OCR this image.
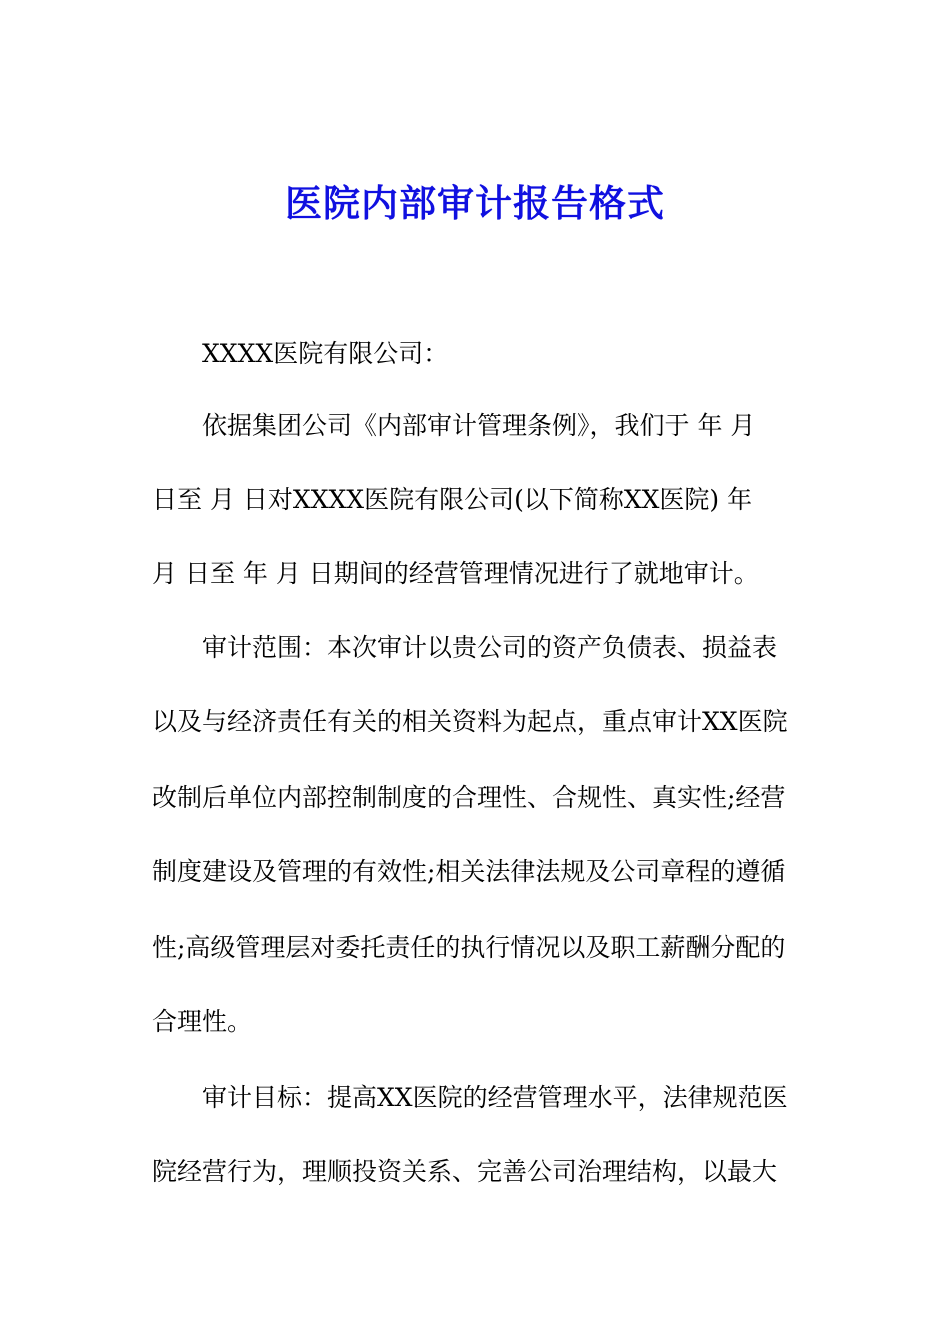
医院内部审计报告格式
XXXX医院有限公司：
依据集团公司《内部审计管理条例》，我们于 年 月
日至 月 日对XXXX医院有限公司(以下简称XX医院) 年
月 日至 年 月 日期间的经营管理情况进行了就地审计。
审计范围：本次审计以贵公司的资产负债表、损益表
以及与经济责任有关的相关资料为起点，重点审计XX医院
改制后单位内部控制制度的合理性、合规性、真实性;经营
制度建设及管理的有效性;相关法律法规及公司章程的遵循
性;高级管理层对委托责任的执行情况以及职工薪酬分配的
合理性。
审计目标：提高XX医院的经营管理水平，法律规范医
院经营行为，理顺投资关系、完善公司治理结构，以最大
